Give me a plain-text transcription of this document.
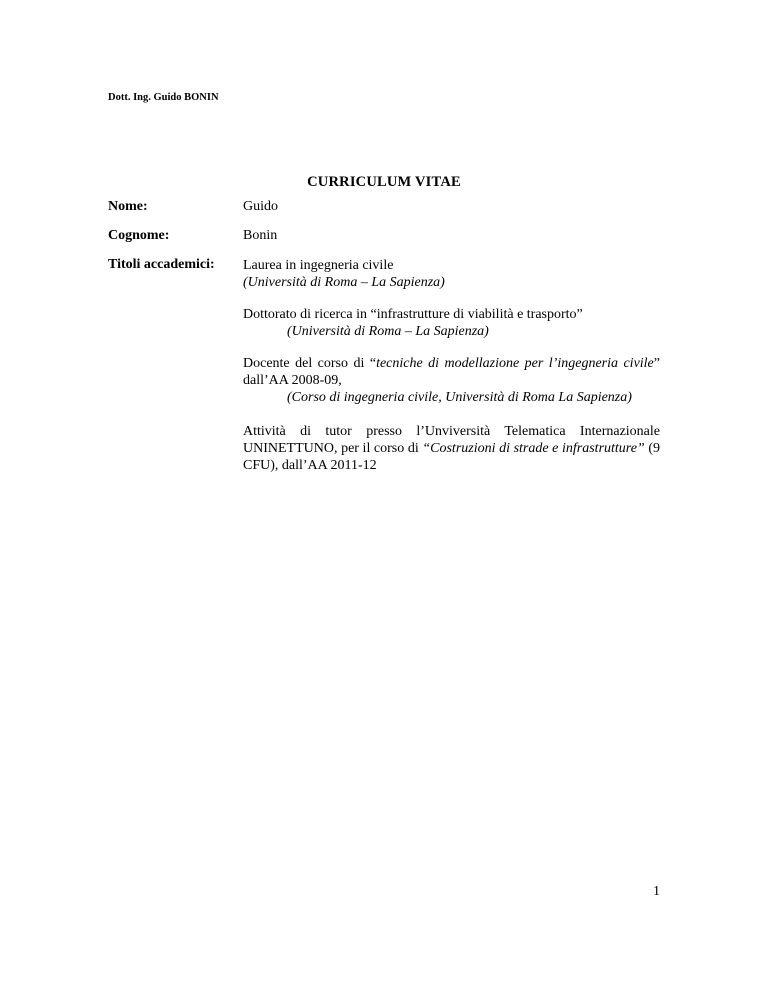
Dott. Ing. Guido BONIN
CURRICULUM VITAE
Nome:	Guido
Cognome:	Bonin
Titoli accademici: Laurea in ingegneria civile
(Università di Roma – La Sapienza)
Dottorato di ricerca in “infrastrutture di viabilità e trasporto”
(Università di Roma – La Sapienza)
Docente del corso di “tecniche di modellazione per l’ingegneria civile” dall’AA 2008-09,
(Corso di ingegneria civile, Università di Roma La Sapienza)
Attività di tutor presso l’Unviversità Telematica Internazionale UNINETTUNO, per il corso di “Costruzioni di strade e infrastrutture” (9 CFU), dall’AA 2011-12
1
